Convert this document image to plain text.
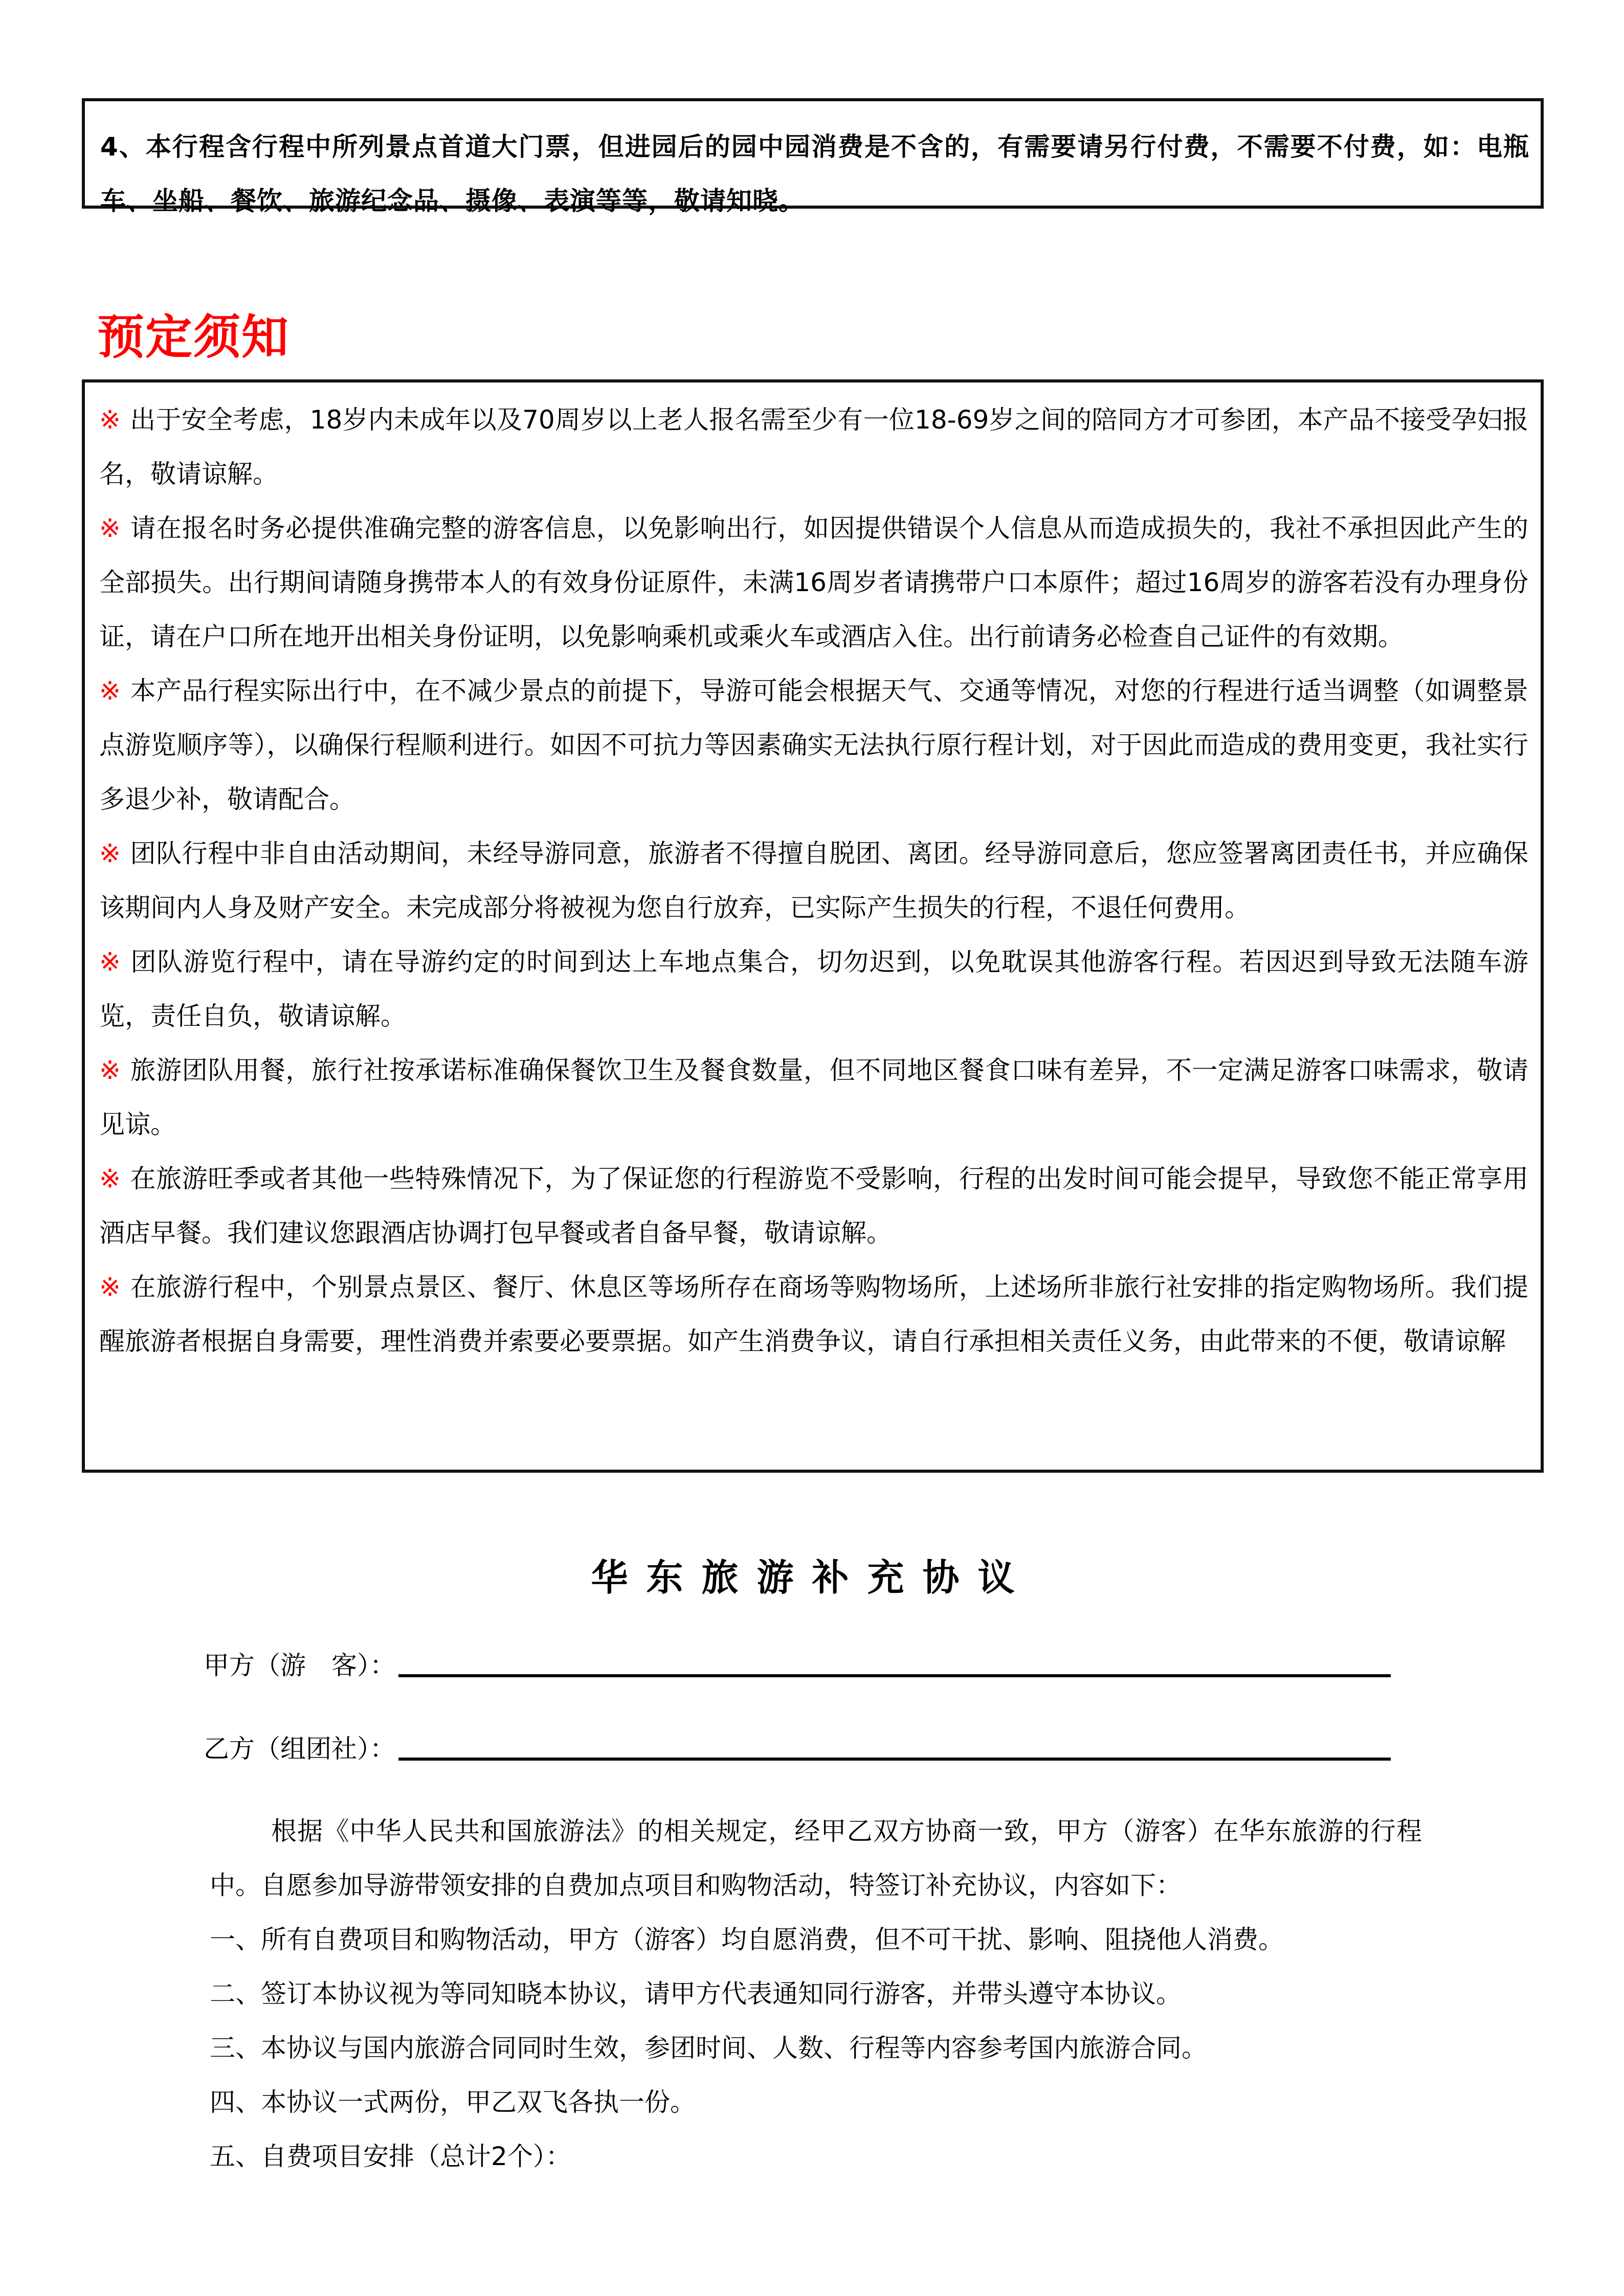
4、本行程含行程中所列景点首道大门票，但进园后的园中园消费是不含的，有需要请另行付费，不需要不付费，如：电瓶车、坐船、餐饮、旅游纪念品、摄像、表演等等，敬请知晓。
预定须知

※ 出于安全考虑，18岁内未成年以及70周岁以上老人报名需至少有一位18-69岁之间的陪同方才可参团，本产品不接受孕妇报名，敬请谅解。

※ 请在报名时务必提供准确完整的游客信息，以免影响出行，如因提供错误个人信息从而造成损失的，我社不承担因此产生的全部损失。出行期间请随身携带本人的有效身份证原件，未满16周岁者请携带户口本原件；超过16周岁的游客若没有办理身份证，请在户口所在地开出相关身份证明，以免影响乘机或乘火车或酒店入住。出行前请务必检查自己证件的有效期。

※ 本产品行程实际出行中，在不减少景点的前提下，导游可能会根据天气、交通等情况，对您的行程进行适当调整（如调整景点游览顺序等），以确保行程顺利进行。如因不可抗力等因素确实无法执行原行程计划，对于因此而造成的费用变更，我社实行多退少补，敬请配合。

※ 团队行程中非自由活动期间，未经导游同意，旅游者不得擅自脱团、离团。经导游同意后，您应签署离团责任书，并应确保该期间内人身及财产安全。未完成部分将被视为您自行放弃，已实际产生损失的行程，不退任何费用。

※ 团队游览行程中，请在导游约定的时间到达上车地点集合，切勿迟到，以免耽误其他游客行程。若因迟到导致无法随车游览，责任自负，敬请谅解。

※ 旅游团队用餐，旅行社按承诺标准确保餐饮卫生及餐食数量，但不同地区餐食口味有差异，不一定满足游客口味需求，敬请见谅。

※ 在旅游旺季或者其他一些特殊情况下，为了保证您的行程游览不受影响，行程的出发时间可能会提早，导致您不能正常享用酒店早餐。我们建议您跟酒店协调打包早餐或者自备早餐，敬请谅解。

※ 在旅游行程中，个别景点景区、餐厅、休息区等场所存在商场等购物场所，上述场所非旅行社安排的指定购物场所。我们提醒旅游者根据自身需要，理性消费并索要必要票据。如产生消费争议，请自行承担相关责任义务，由此带来的不便，敬请谅解

华东旅游补充协议
甲方（游　客）：
乙方（组团社）：

根据《中华人民共和国旅游法》的相关规定，经甲乙双方协商一致，甲方（游客）在华东旅游的行程中。自愿参加导游带领安排的自费加点项目和购物活动，特签订补充协议，内容如下：

一、所有自费项目和购物活动，甲方（游客）均自愿消费，但不可干扰、影响、阻挠他人消费。

二、签订本协议视为等同知晓本协议，请甲方代表通知同行游客，并带头遵守本协议。

三、本协议与国内旅游合同同时生效，参团时间、人数、行程等内容参考国内旅游合同。

四、本协议一式两份，甲乙双飞各执一份。

五、自费项目安排（总计2个）：
